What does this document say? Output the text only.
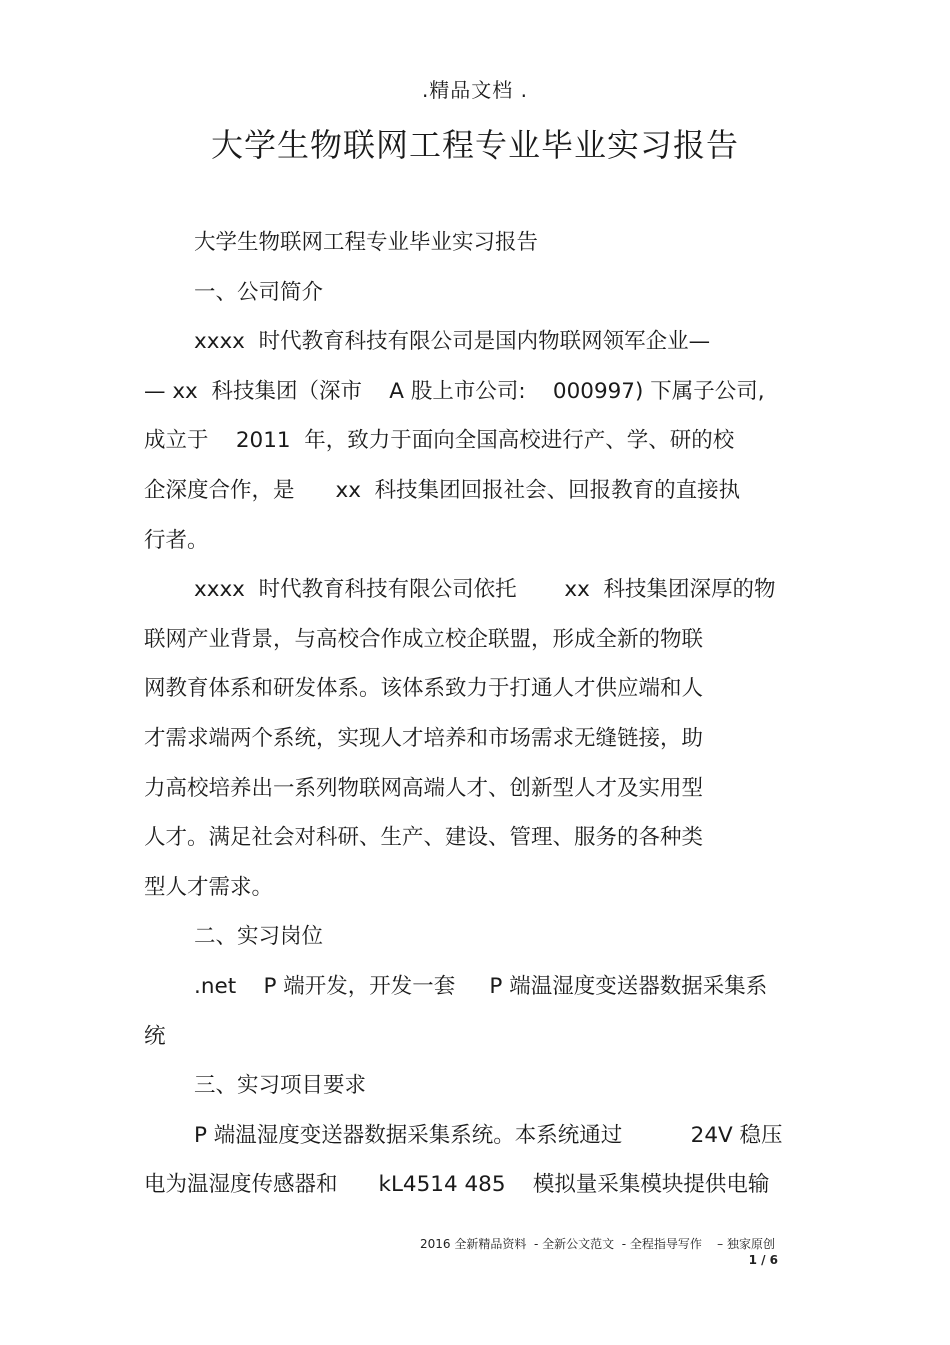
.精品文档 .
大学生物联网工程专业毕业实习报告
大学生物联网工程专业毕业实习报告
一、公司简介
xxxx  时代教育科技有限公司是国内物联网领军企业—
— xx  科技集团（深市    A 股上市公司:    000997) 下属子公司,
成立于    2011  年，致力于面向全国高校进行产、学、研的校
企深度合作，是      xx  科技集团回报社会、回报教育的直接执
行者。
xxxx  时代教育科技有限公司依托       xx  科技集团深厚的物
联网产业背景，与高校合作成立校企联盟，形成全新的物联
网教育体系和研发体系。该体系致力于打通人才供应端和人
才需求端两个系统，实现人才培养和市场需求无缝链接，助
力高校培养出一系列物联网高端人才、创新型人才及实用型
人才。满足社会对科研、生产、建设、管理、服务的各种类
型人才需求。
二、实习岗位
.net    P 端开发，开发一套     P 端温湿度变送器数据采集系
统
三、实习项目要求
P 端温湿度变送器数据采集系统。本系统通过          24V 稳压
电为温湿度传感器和      kL4514 485    模拟量采集模块提供电输
2016 全新精品资料  - 全新公文范文  - 全程指导写作    – 独家原创
1 / 6
